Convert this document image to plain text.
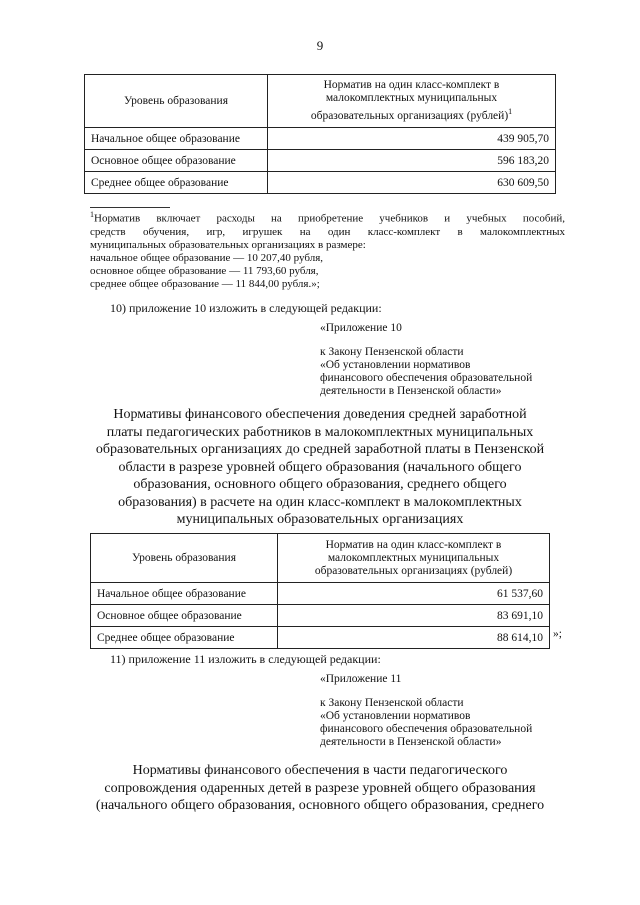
9
Уровень образования	Норматив на один класс-комплект в
малокомплектных муниципальных
образовательных организациях (рублей)$^1$
Начальное общее образование	439 905,70
Основное общее образование	596 183,20
Среднее общее образование	630 609,50
$^1$Норматив включает расходы на приобретение учебников и учебных пособий,
средств обучения, игр, игрушек на один класс-комплект в малокомплектных
муниципальных образовательных организациях в размере:
начальное общее образование — 10 207,40 рубля,
основное общее образование — 11 793,60 рубля,
среднее общее образование — 11 844,00 рубля.»;
10) приложение 10 изложить в следующей редакции:
«Приложение 10
к Закону Пензенской области
«Об установлении нормативов
финансового обеспечения образовательной
деятельности в Пензенской области»
Нормативы финансового обеспечения доведения средней заработной
платы педагогических работников в малокомплектных муниципальных
образовательных организациях до средней заработной платы в Пензенской
области в разрезе уровней общего образования (начального общего
образования, основного общего образования, среднего общего
образования) в расчете на один класс-комплект в малокомплектных
муниципальных образовательных организациях
Уровень образования	Норматив на один класс-комплект в
малокомплектных муниципальных
образовательных организациях (рублей)
Начальное общее образование	61 537,60
Основное общее образование	83 691,10
Среднее общее образование	88 614,10 »;
11) приложение 11 изложить в следующей редакции:
«Приложение 11
к Закону Пензенской области
«Об установлении нормативов
финансового обеспечения образовательной
деятельности в Пензенской области»
Нормативы финансового обеспечения в части педагогического
сопровождения одаренных детей в разрезе уровней общего образования
(начального общего образования, основного общего образования, среднего
